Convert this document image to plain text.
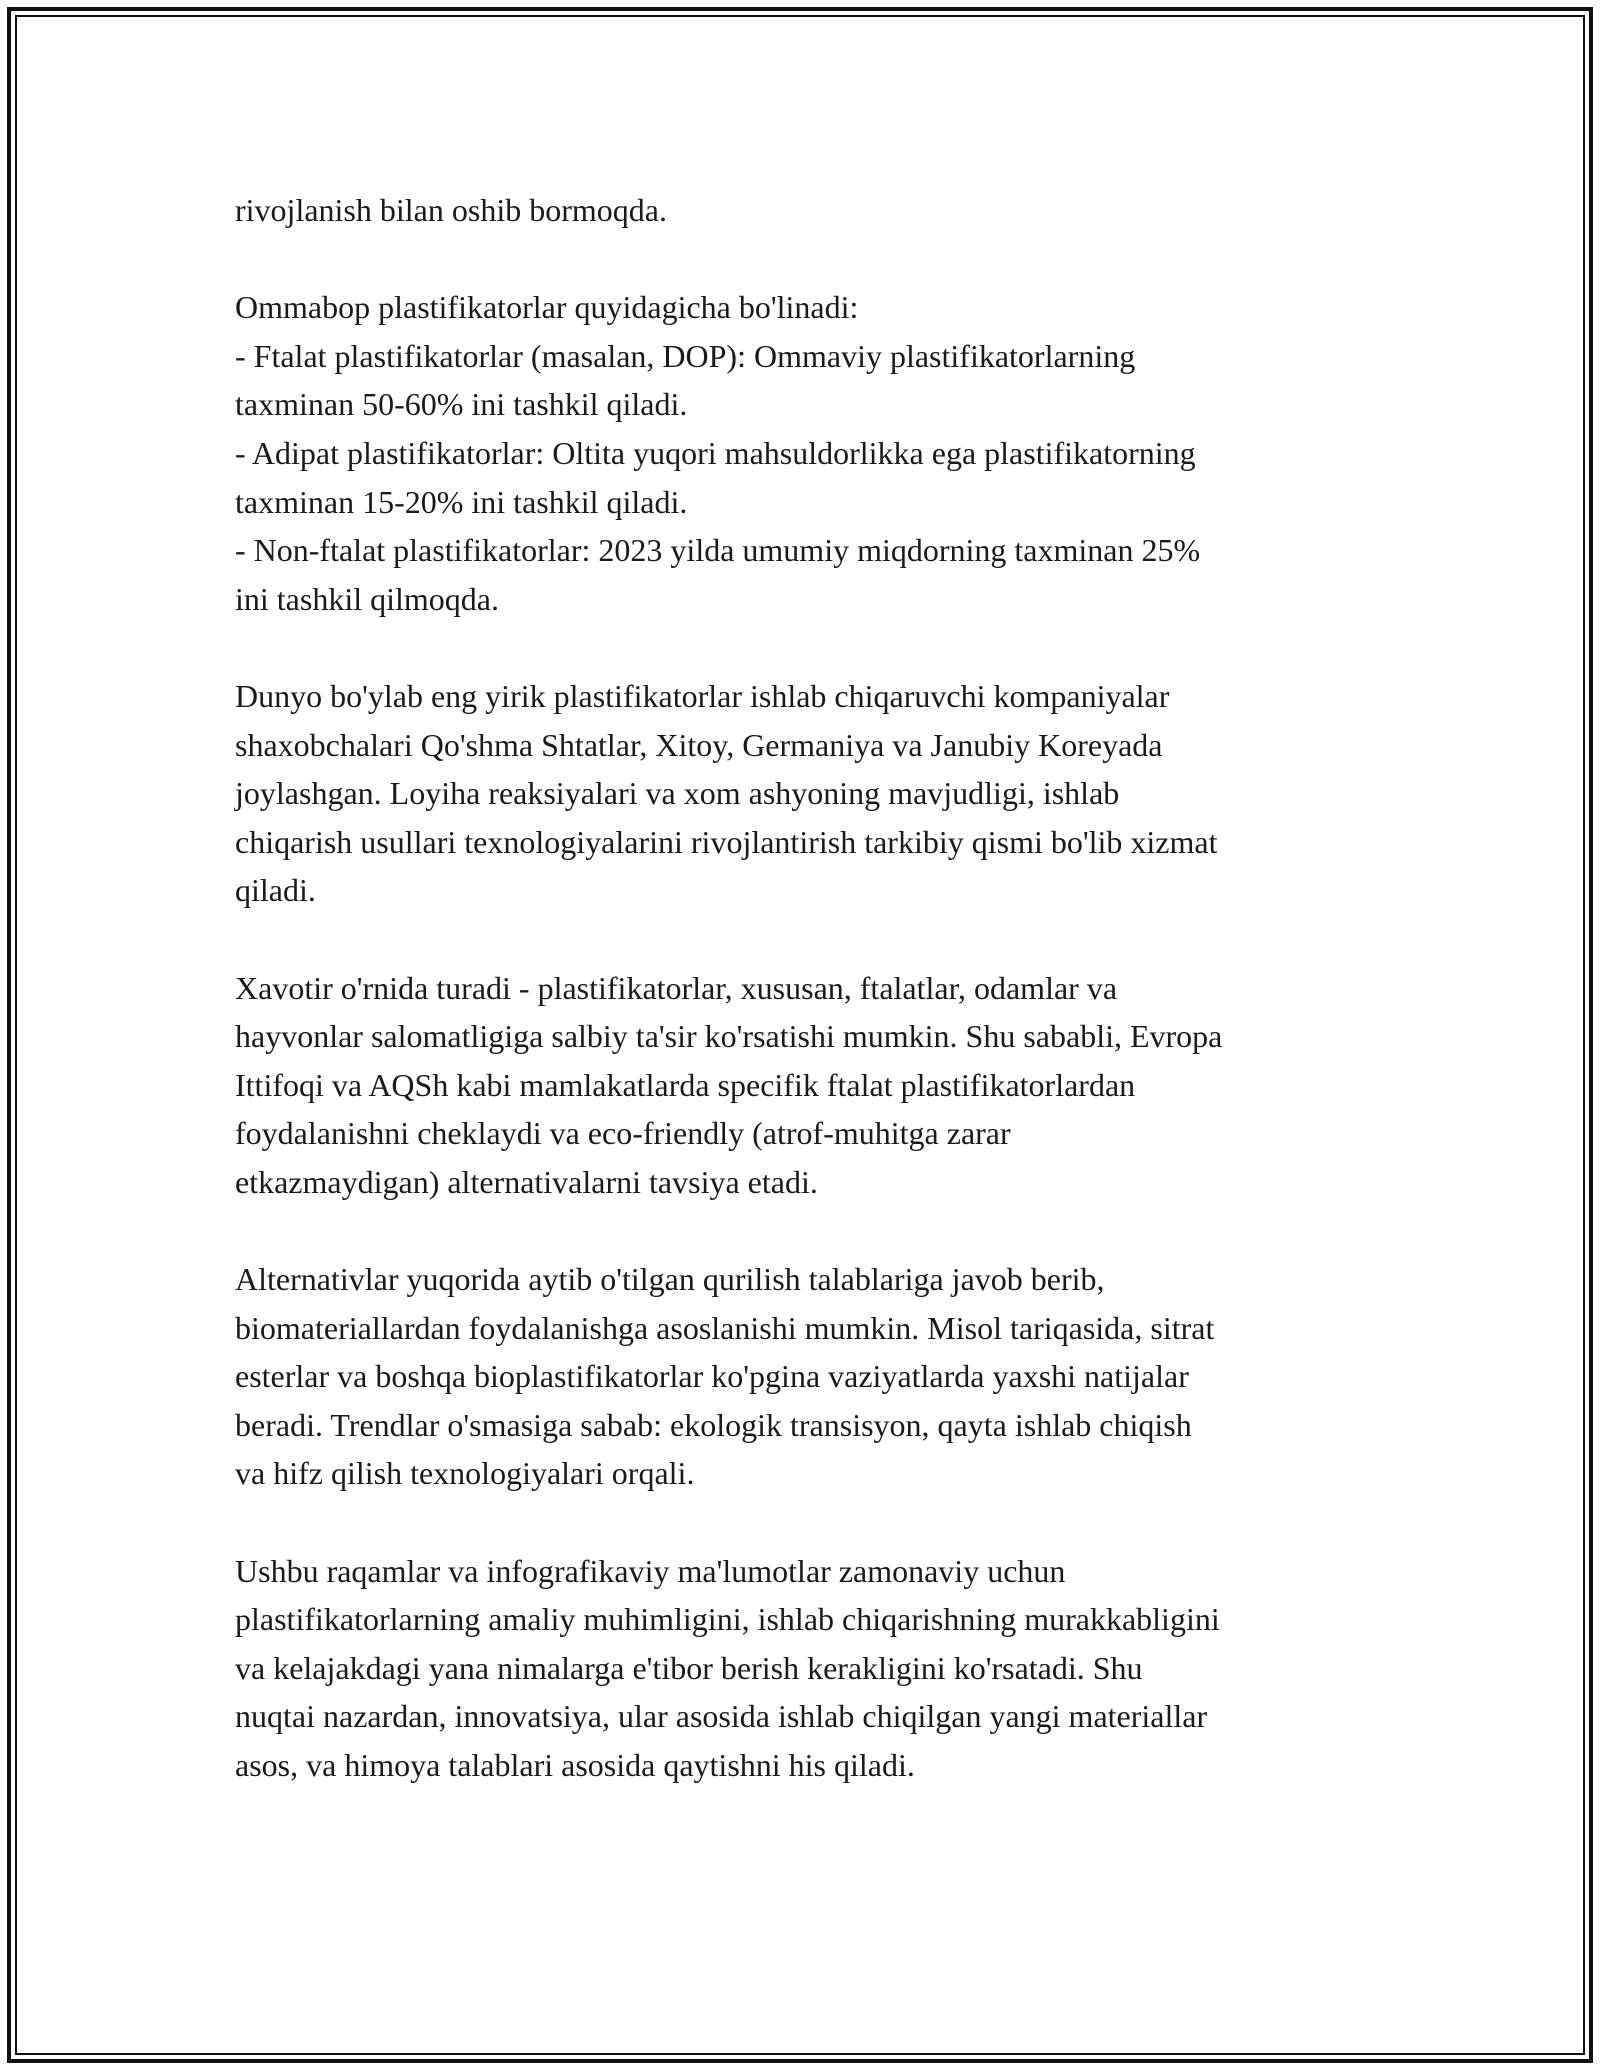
rivojlanish bilan oshib bormoqda.

Ommabop plastifikatorlar quyidagicha bo'linadi:
- Ftalat plastifikatorlar (masalan, DOP): Ommaviy plastifikatorlarning
taxminan 50-60% ini tashkil qiladi.
- Adipat plastifikatorlar: Oltita yuqori mahsuldorlikka ega plastifikatorning
taxminan 15-20% ini tashkil qiladi.
- Non-ftalat plastifikatorlar: 2023 yilda umumiy miqdorning taxminan 25%
ini tashkil qilmoqda.

Dunyo bo'ylab eng yirik plastifikatorlar ishlab chiqaruvchi kompaniyalar
shaxobchalari Qo'shma Shtatlar, Xitoy, Germaniya va Janubiy Koreyada
joylashgan. Loyiha reaksiyalari va xom ashyoning mavjudligi, ishlab
chiqarish usullari texnologiyalarini rivojlantirish tarkibiy qismi bo'lib xizmat
qiladi.

Xavotir o'rnida turadi - plastifikatorlar, xususan, ftalatlar, odamlar va
hayvonlar salomatligiga salbiy ta'sir ko'rsatishi mumkin. Shu sababli, Evropa
Ittifoqi va AQSh kabi mamlakatlarda specifik ftalat plastifikatorlardan
foydalanishni cheklaydi va eco-friendly (atrof-muhitga zarar
etkazmaydigan) alternativalarni tavsiya etadi.

Alternativlar yuqorida aytib o'tilgan qurilish talablariga javob berib,
biomateriallardan foydalanishga asoslanishi mumkin. Misol tariqasida, sitrat
esterlar va boshqa bioplastifikatorlar ko'pgina vaziyatlarda yaxshi natijalar
beradi. Trendlar o'smasiga sabab: ekologik transisyon, qayta ishlab chiqish
va hifz qilish texnologiyalari orqali.

Ushbu raqamlar va infografikaviy ma'lumotlar zamonaviy uchun
plastifikatorlarning amaliy muhimligini, ishlab chiqarishning murakkabligini
va kelajakdagi yana nimalarga e'tibor berish kerakligini ko'rsatadi. Shu
nuqtai nazardan, innovatsiya, ular asosida ishlab chiqilgan yangi materiallar
asos, va himoya talablari asosida qaytishni his qiladi.
